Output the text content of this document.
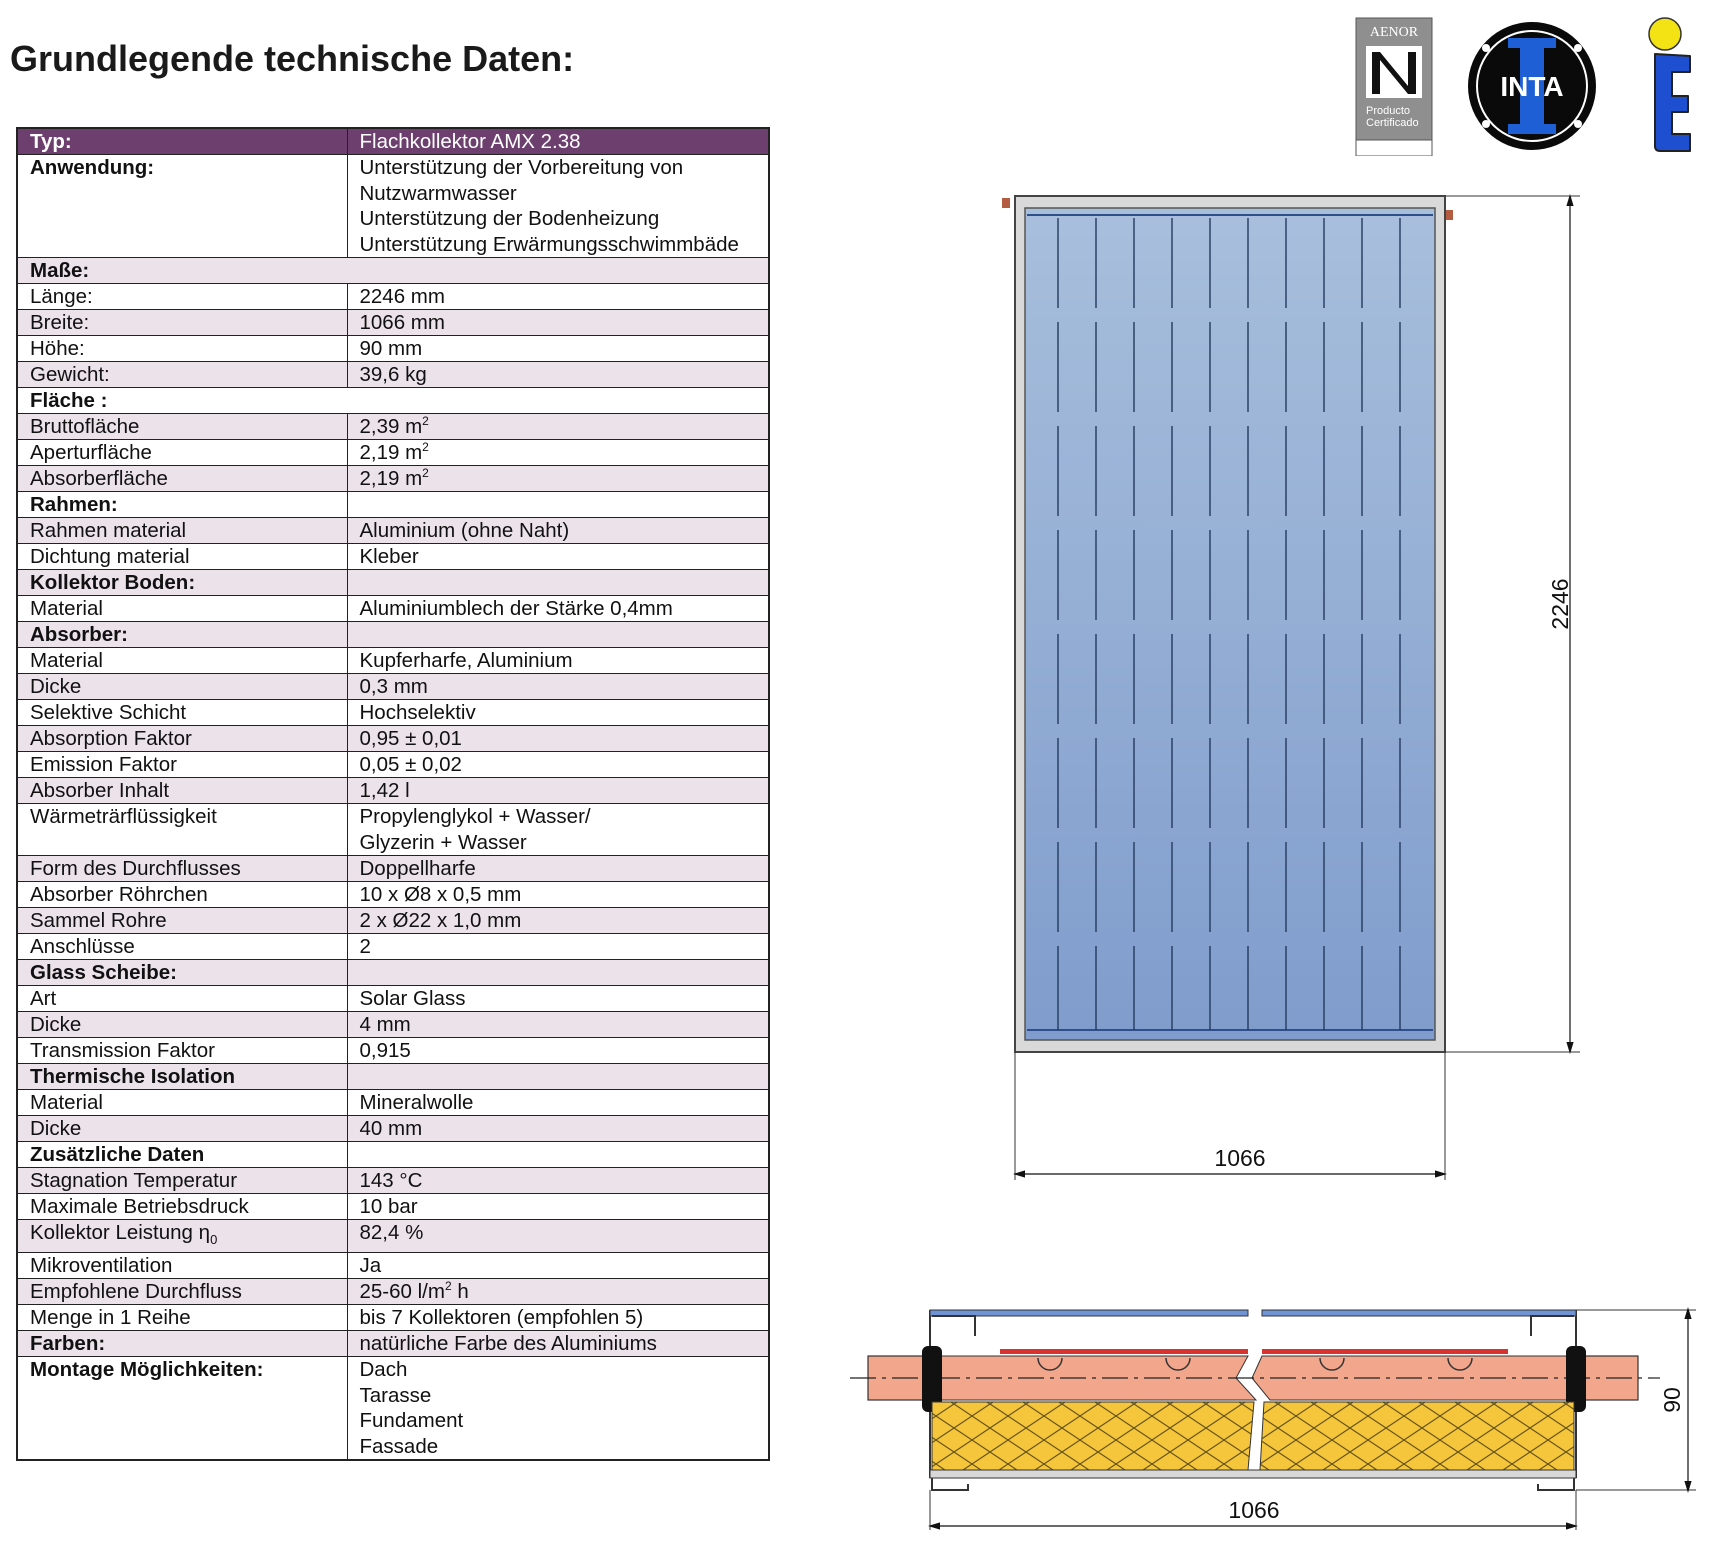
Grundlegende technische Daten:
AENOR
Producto
Certificado
INTA
2246
1066
90
1066
Typ:	Flachkollektor AMX 2.38
Anwendung:	Unterstützung der Vorbereitung von
Nutzwarmwasser
Unterstützung der Bodenheizung
Unterstützung Erwärmungsschwimmbäde

Maße:	
Länge:	2246 mm
Breite:	1066 mm
Höhe:	90 mm
Gewicht:	39,6 kg
Fläche :	
Bruttofläche	2,39 $m^2$
Aperturfläche	2,19 $m^2$
Absorberfläche	2,19 $m^2$
Rahmen:	
Rahmen material	Aluminium (ohne Naht)
Dichtung material	Kleber
Kollektor Boden:	
Material	Aluminiumblech der Stärke 0,4mm
Absorber:	
Material	Kupferharfe, Aluminium
Dicke	0,3 mm
Selektive Schicht	Hochselektiv
Absorption Faktor	0,95 ± 0,01
Emission Faktor	0,05 ± 0,02
Absorber Inhalt	1,42 l
Wärmeträrflüssigkeit	Propylenglykol + Wasser/
Glyzerin + Wasser

Form des Durchflusses	Doppellharfe
Absorber Röhrchen	10 x Ø8 x 0,5 mm
Sammel Rohre	2 x Ø22 x 1,0 mm
Anschlüsse	2
Glass Scheibe:	
Art	Solar Glass
Dicke	4 mm
Transmission Faktor	0,915
Thermische Isolation	
Material	Mineralwolle
Dicke	40 mm
Zusätzliche Daten	
Stagnation Temperatur	143 °C
Maximale Betriebsdruck	10 bar
Kollektor Leistung $\eta_0$	82,4 %
Mikroventilation	Ja
Empfohlene Durchfluss	25-60 $l/m^2$ h
Menge in 1 Reihe	bis 7 Kollektoren (empfohlen 5)
Farben:	natürliche Farbe des Aluminiums
Montage Möglichkeiten:	Dach
Tarasse
Fundament
Fassade
